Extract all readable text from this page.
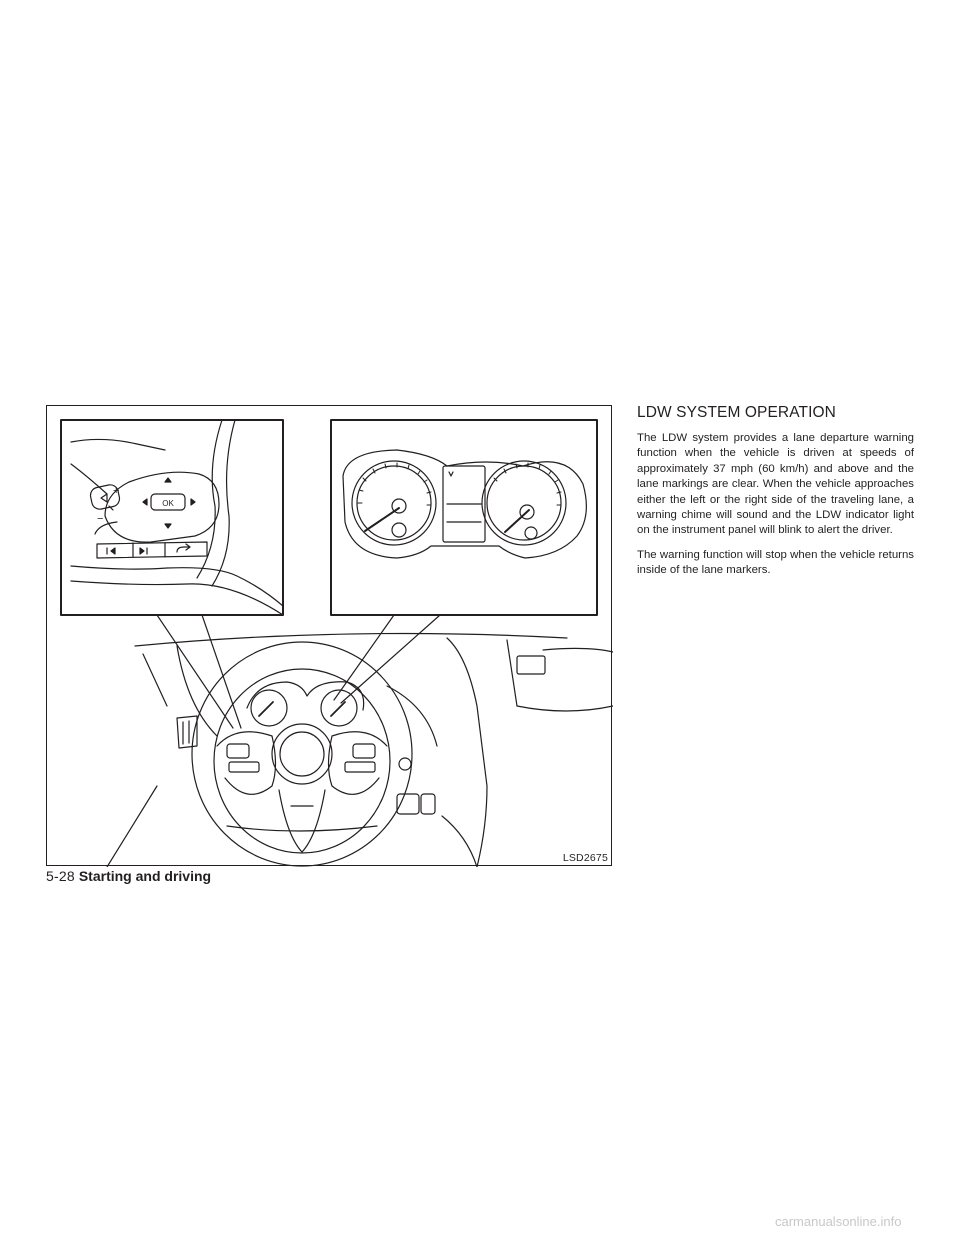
OK
+
−
LSD2675
LDW SYSTEM OPERATION

The LDW system provides a lane departure warning function when the vehicle is driven at speeds of approximately 37 mph (60 km/h) and above and the lane markings are clear. When the vehicle approaches either the left or the right side of the traveling lane, a warning chime will sound and the LDW indicator light on the instrument panel will blink to alert the driver.

The warning function will stop when the vehicle returns inside of the lane markers.

5-28 Starting and driving
carmanualsonline.info
